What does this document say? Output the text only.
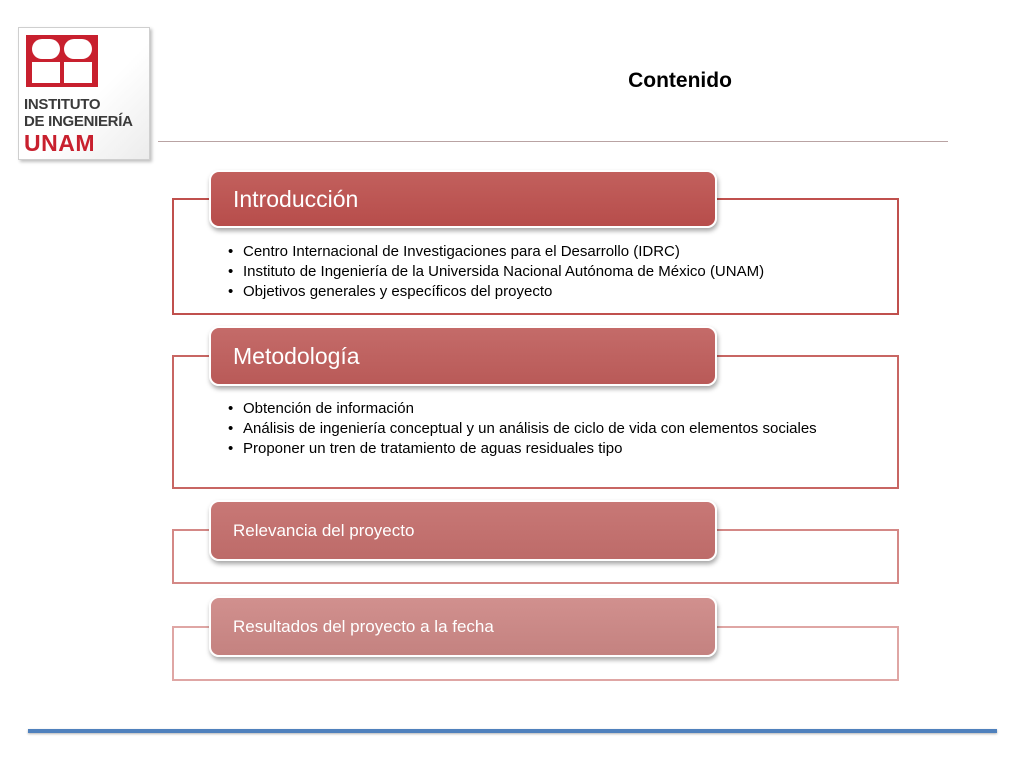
INSTITUTO
DE INGENIERÍA
UNAM
Contenido
Introducción
• Centro Internacional de Investigaciones para el Desarrollo (IDRC)
• Instituto de Ingeniería de la Universida Nacional Autónoma de México (UNAM)
• Objetivos generales y específicos del proyecto
Metodología
• Obtención de información
• Análisis de ingeniería conceptual y un análisis de ciclo de vida con elementos sociales
• Proponer un tren de tratamiento de aguas residuales tipo
Relevancia del proyecto
Resultados del proyecto a la fecha
